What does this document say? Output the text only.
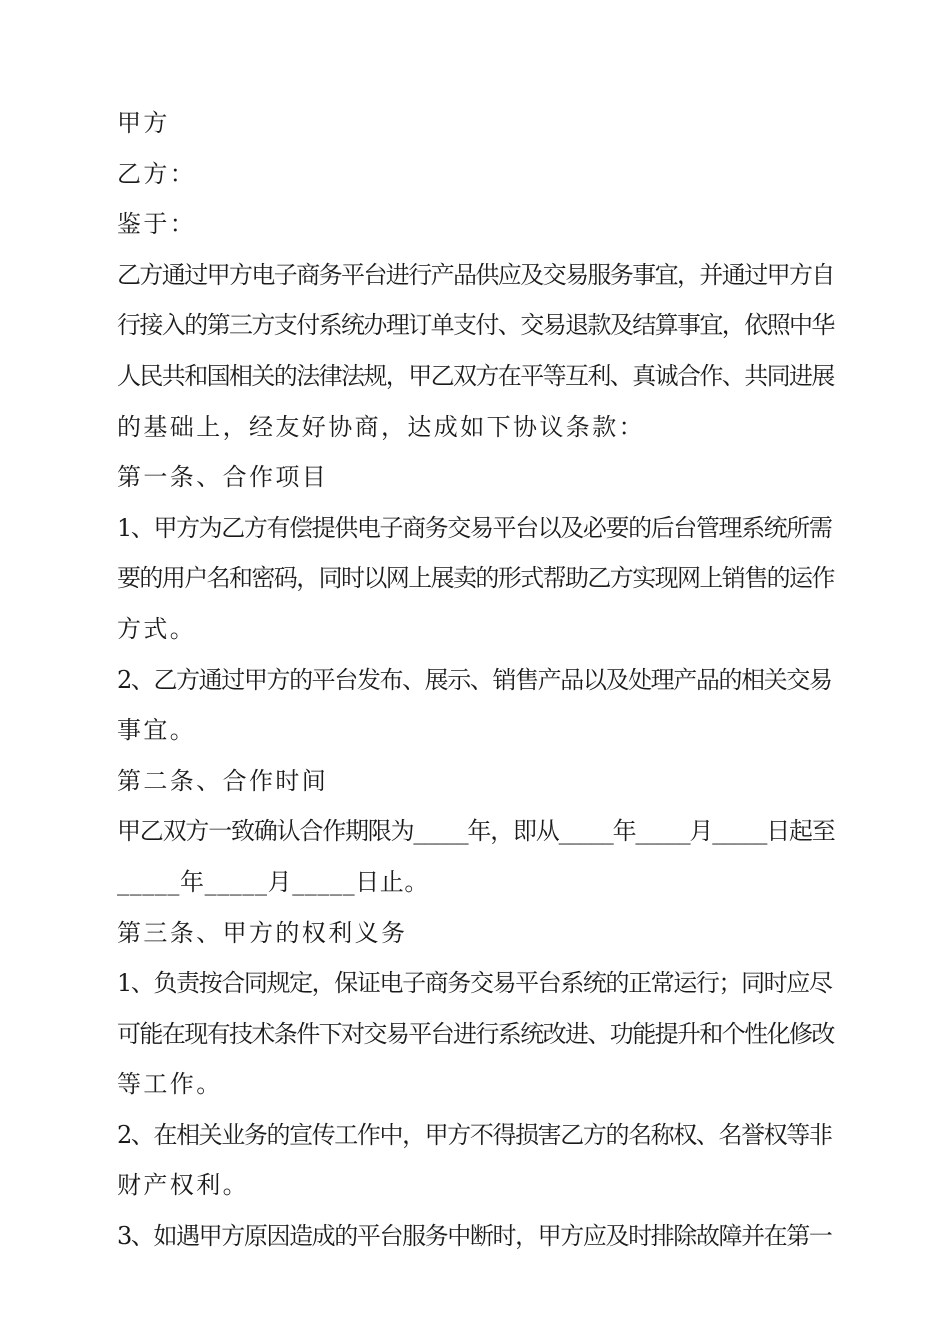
甲方
乙方：
鉴于：
乙方通过甲方电子商务平台进行产品供应及交易服务事宜，并通过甲方自
行接入的第三方支付系统办理订单支付、交易退款及结算事宜，依照中华
人民共和国相关的法律法规，甲乙双方在平等互利、真诚合作、共同进展
的基础上，经友好协商，达成如下协议条款：
第一条、合作项目
1、甲方为乙方有偿提供电子商务交易平台以及必要的后台管理系统所需
要的用户名和密码，同时以网上展卖的形式帮助乙方实现网上销售的运作
方式。
2、乙方通过甲方的平台发布、展示、销售产品以及处理产品的相关交易
事宜。
第二条、合作时间
甲乙双方一致确认合作期限为_____年，即从_____年_____月_____日起至
_____年_____月_____日止。
第三条、甲方的权利义务
1、负责按合同规定，保证电子商务交易平台系统的正常运行；同时应尽
可能在现有技术条件下对交易平台进行系统改进、功能提升和个性化修改
等工作。
2、在相关业务的宣传工作中，甲方不得损害乙方的名称权、名誉权等非
财产权利。
3、如遇甲方原因造成的平台服务中断时，甲方应及时排除故障并在第一
